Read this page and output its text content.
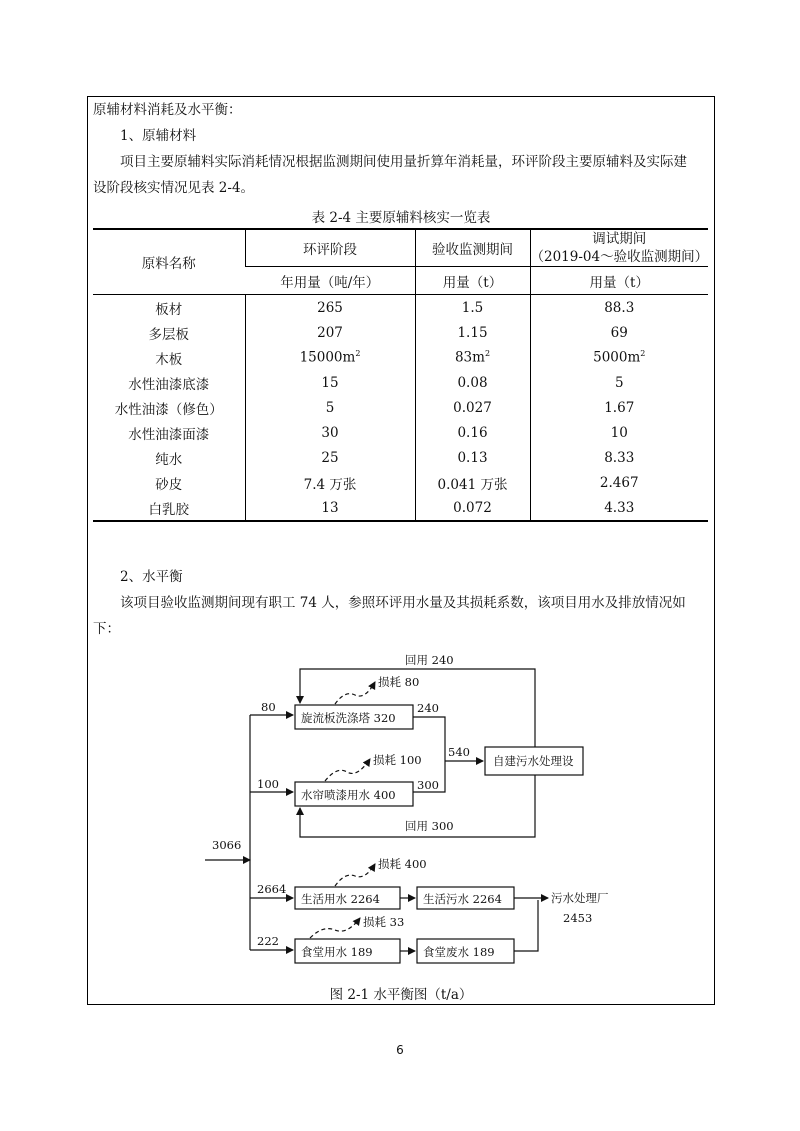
原辅材料消耗及水平衡：
1、原辅材料
项目主要原辅料实际消耗情况根据监测期间使用量折算年消耗量，环评阶段主要原辅料及实际建
设阶段核实情况见表 2-4。
表 2-4 主要原辅料核实一览表
原料名称	环评阶段	验收监测期间	调试期间
（2019-04～验收监测期间）

	年用量（吨/年）	用量（t）	用量（t）
板材	265	1.5	88.3
多层板	207	1.15	69
木板	$15000m^2$	$83m^2$	$5000m^2$
水性油漆底漆	15	0.08	5
水性油漆（修色）	5	0.027	1.67
水性油漆面漆	30	0.16	10
纯水	25	0.13	8.33
砂皮	7.4 万张	0.041 万张	2.467
白乳胶	13	0.072	4.33
2、水平衡
该项目验收监测期间现有职工 74 人，参照环评用水量及其损耗系数，该项目用水及排放情况如
下：
3066
80
100
2664
222
回用 240
回用 300
损耗 80
损耗 100
损耗 400
损耗 33
旋流板洗涤塔 320
水帘喷漆用水 400
自建污水处理设
生活用水 2264	生活污水 2264
食堂用水 189	食堂废水 189
240
300
540
污水处理厂
2453
图 2-1 水平衡图（t/a）
6
